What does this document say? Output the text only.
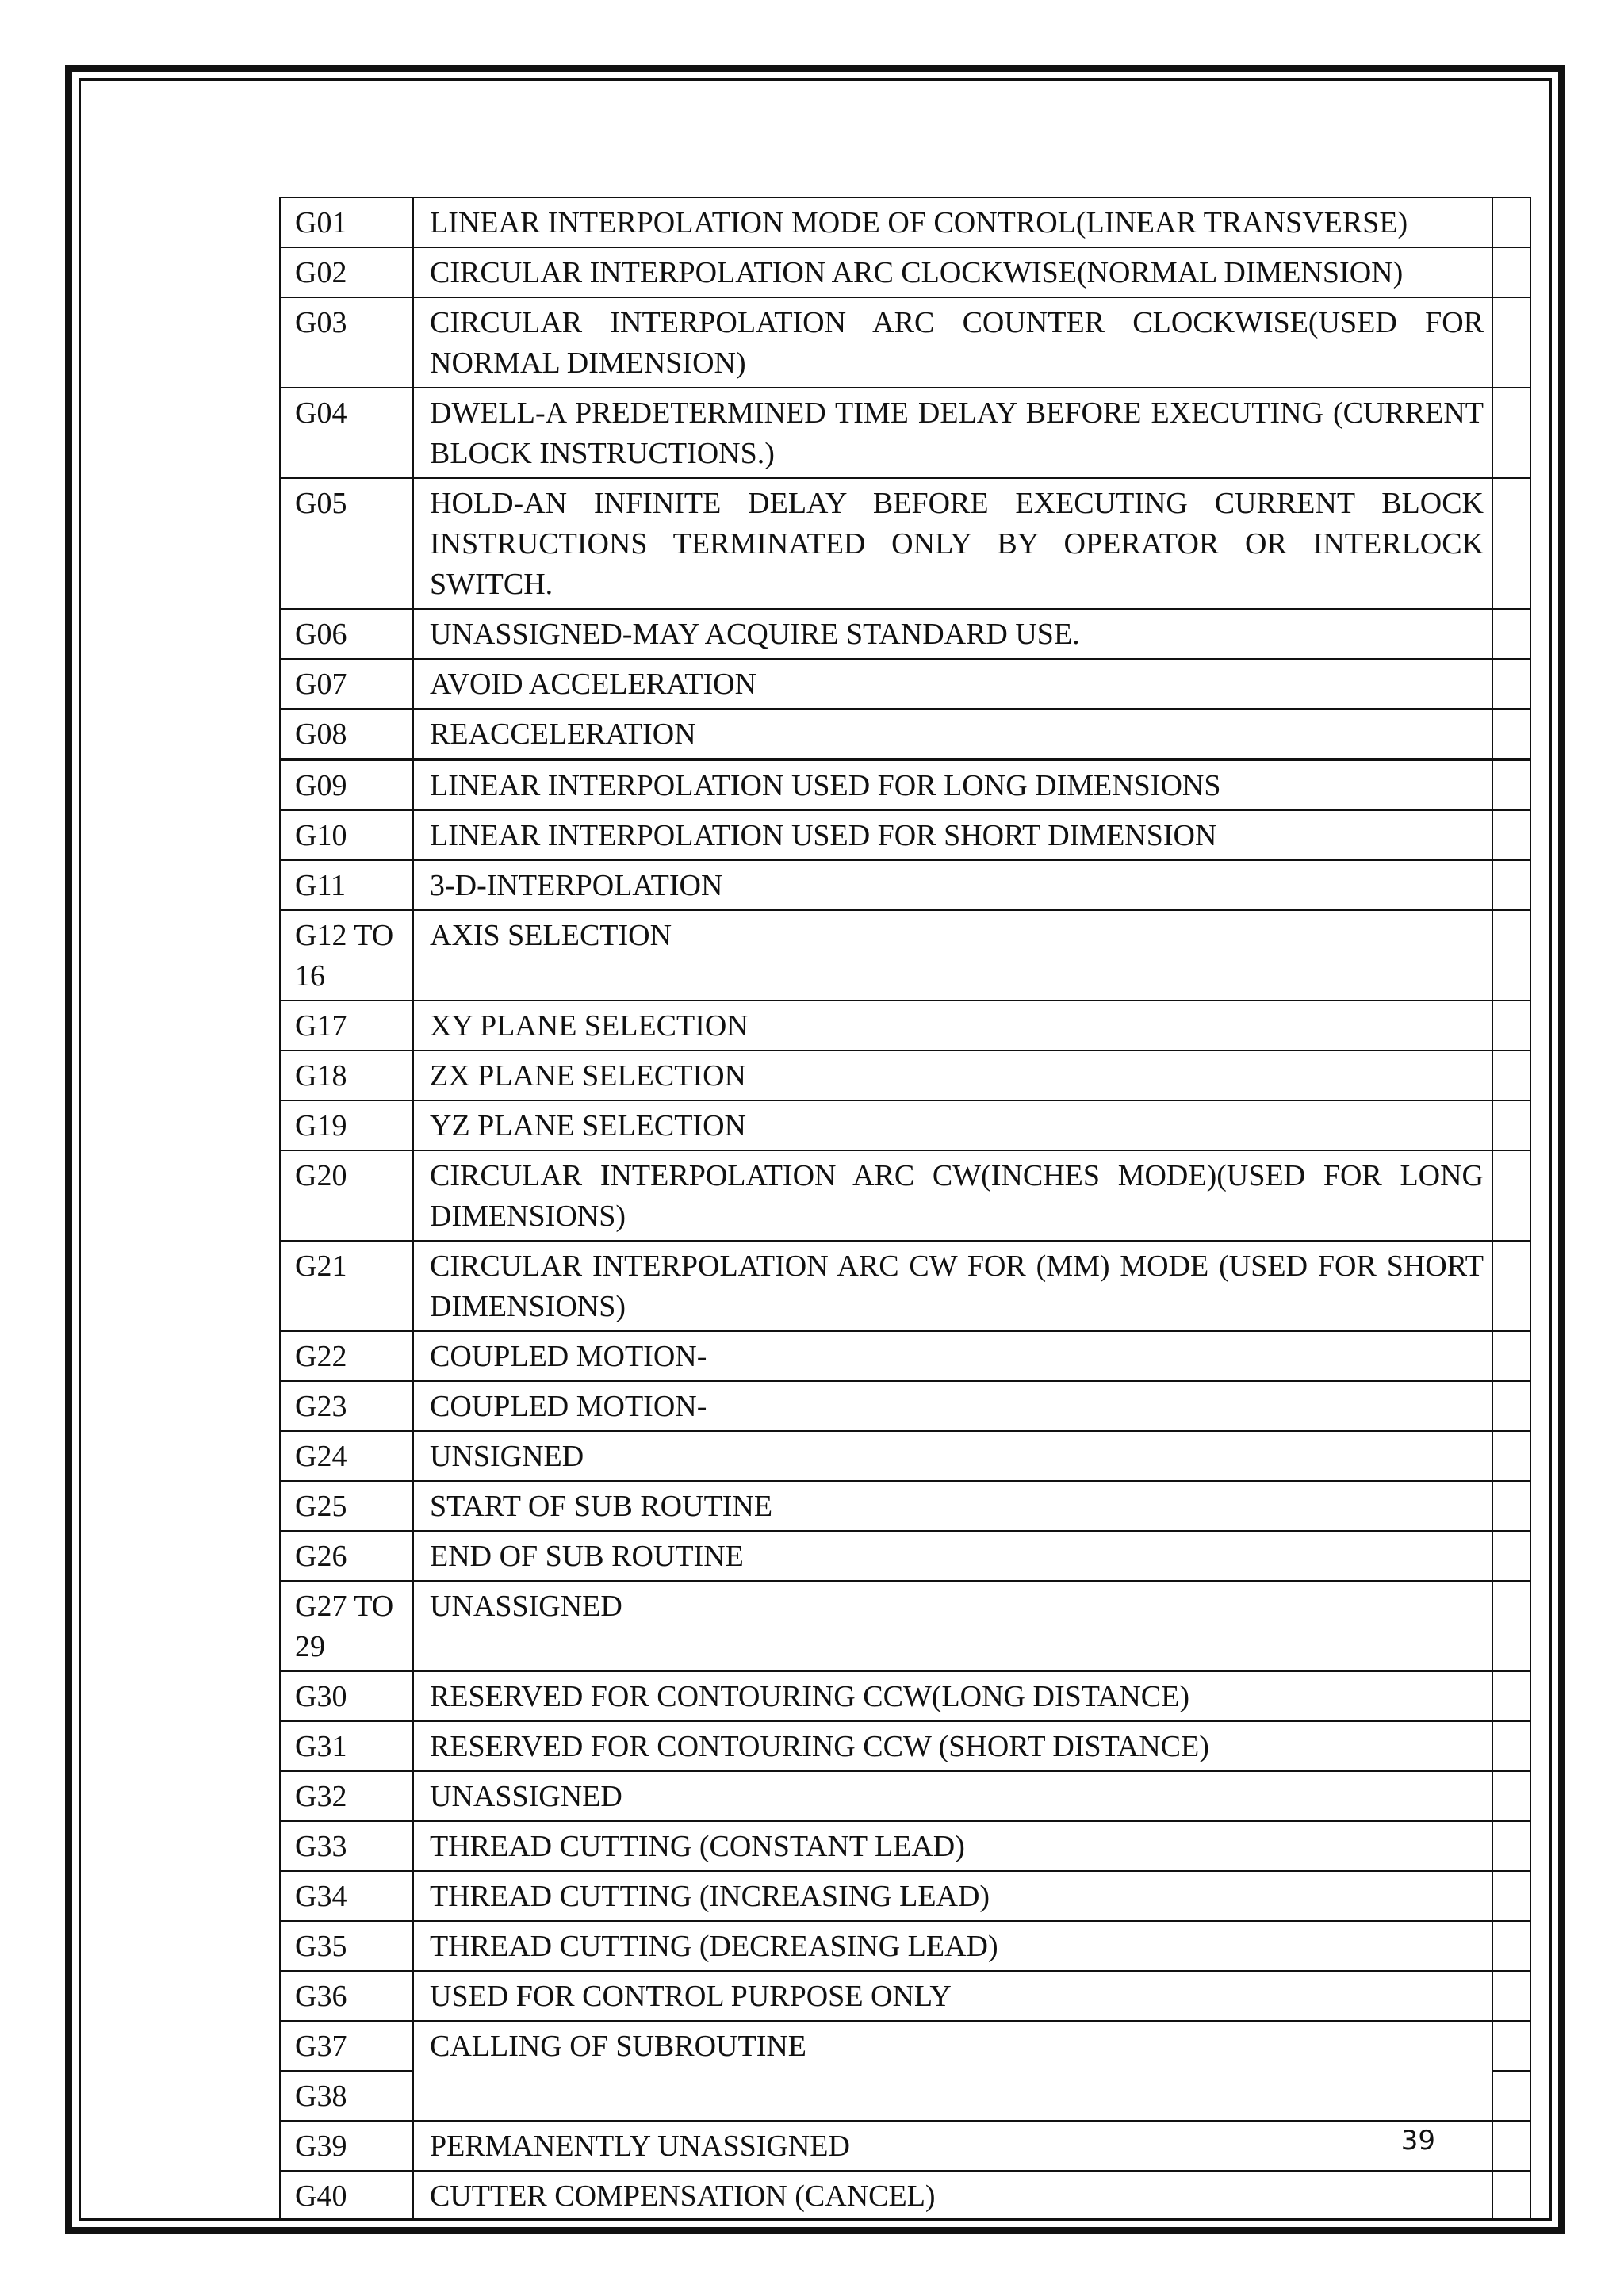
G01	LINEAR INTERPOLATION MODE OF CONTROL(LINEAR TRANSVERSE)	
G02	CIRCULAR INTERPOLATION ARC CLOCKWISE(NORMAL DIMENSION)	
G03	CIRCULAR INTERPOLATION ARC COUNTER CLOCKWISE(USED FOR NORMAL DIMENSION)	
G04	DWELL-A PREDETERMINED TIME DELAY BEFORE EXECUTING (CURRENT BLOCK INSTRUCTIONS.)	
G05	HOLD-AN INFINITE DELAY BEFORE EXECUTING CURRENT BLOCK INSTRUCTIONS TERMINATED ONLY BY OPERATOR OR INTERLOCK SWITCH.	
G06	UNASSIGNED-MAY ACQUIRE STANDARD USE.	
G07	AVOID ACCELERATION	
G08	REACCELERATION	
G09	LINEAR INTERPOLATION USED FOR LONG DIMENSIONS	
G10	LINEAR INTERPOLATION USED FOR SHORT DIMENSION	
G11	3-D-INTERPOLATION	
G12 TO 16	AXIS SELECTION	
G17	XY PLANE SELECTION	
G18	ZX PLANE SELECTION	
G19	YZ PLANE SELECTION	
G20	CIRCULAR INTERPOLATION ARC CW(INCHES MODE)(USED FOR LONG DIMENSIONS)	
G21	CIRCULAR INTERPOLATION ARC CW FOR (MM) MODE (USED FOR SHORT DIMENSIONS)	
G22	COUPLED MOTION-	
G23	COUPLED MOTION-	
G24	UNSIGNED	
G25	START OF SUB ROUTINE	
G26	END OF SUB ROUTINE	
G27 TO 29	UNASSIGNED	
G30	RESERVED FOR CONTOURING CCW(LONG DISTANCE)	
G31	RESERVED FOR CONTOURING CCW (SHORT DISTANCE)	
G32	UNASSIGNED	
G33	THREAD CUTTING (CONSTANT LEAD)	
G34	THREAD CUTTING (INCREASING LEAD)	
G35	THREAD CUTTING (DECREASING LEAD)	
G36	USED FOR CONTROL PURPOSE ONLY	
G37	CALLING OF SUBROUTINE	
G38		
G39	PERMANENTLY UNASSIGNED	
G40	CUTTER COMPENSATION (CANCEL)	
39
